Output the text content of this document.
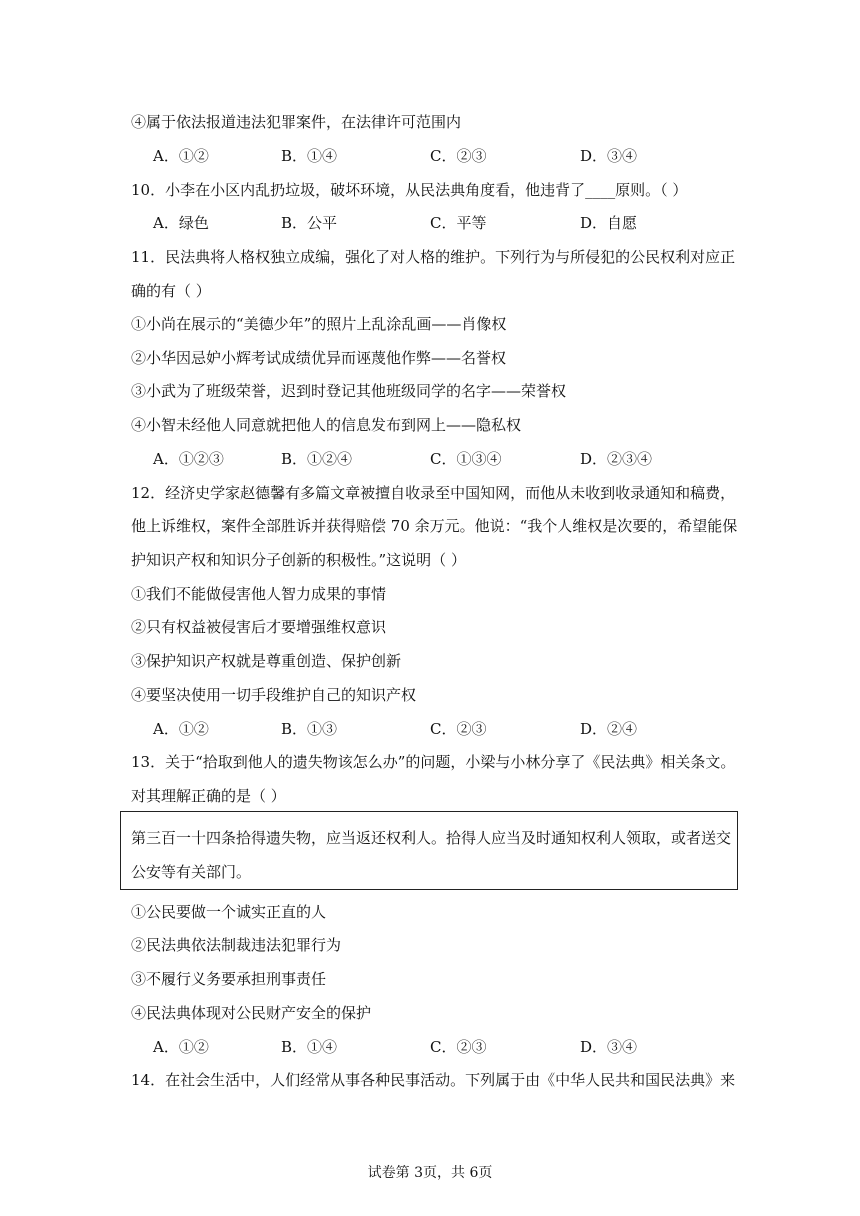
④属于依法报道违法犯罪案件，在法律许可范围内
A．①②	B．①④	C．②③	D．③④
10．小李在小区内乱扔垃圾，破坏环境，从民法典角度看，他违背了____原则。（ ）
A．绿色	B．公平	C．平等	D．自愿
11．民法典将人格权独立成编，强化了对人格的维护。下列行为与所侵犯的公民权利对应正
确的有（ ）
①小尚在展示的“美德少年”的照片上乱涂乱画——肖像权
②小华因忌妒小辉考试成绩优异而诬蔑他作弊——名誉权
③小武为了班级荣誉，迟到时登记其他班级同学的名字——荣誉权
④小智未经他人同意就把他人的信息发布到网上——隐私权
A．①②③	B．①②④	C．①③④	D．②③④
12．经济史学家赵德馨有多篇文章被擅自收录至中国知网，而他从未收到收录通知和稿费，
他上诉维权，案件全部胜诉并获得赔偿 70 余万元。他说：“我个人维权是次要的，希望能保
护知识产权和知识分子创新的积极性。”这说明（ ）
①我们不能做侵害他人智力成果的事情
②只有权益被侵害后才要增强维权意识
③保护知识产权就是尊重创造、保护创新
④要坚决使用一切手段维护自己的知识产权
A．①②	B．①③	C．②③	D．②④
13．关于“拾取到他人的遗失物该怎么办”的问题，小梁与小林分享了《民法典》相关条文。
对其理解正确的是（ ）
第三百一十四条拾得遗失物，应当返还权利人。拾得人应当及时通知权利人领取，或者送交
公安等有关部门。
①公民要做一个诚实正直的人
②民法典依法制裁违法犯罪行为
③不履行义务要承担刑事责任
④民法典体现对公民财产安全的保护
A．①②	B．①④	C．②③	D．③④
14．在社会生活中，人们经常从事各种民事活动。下列属于由《中华人民共和国民法典》来
试卷第 3页，共 6页
